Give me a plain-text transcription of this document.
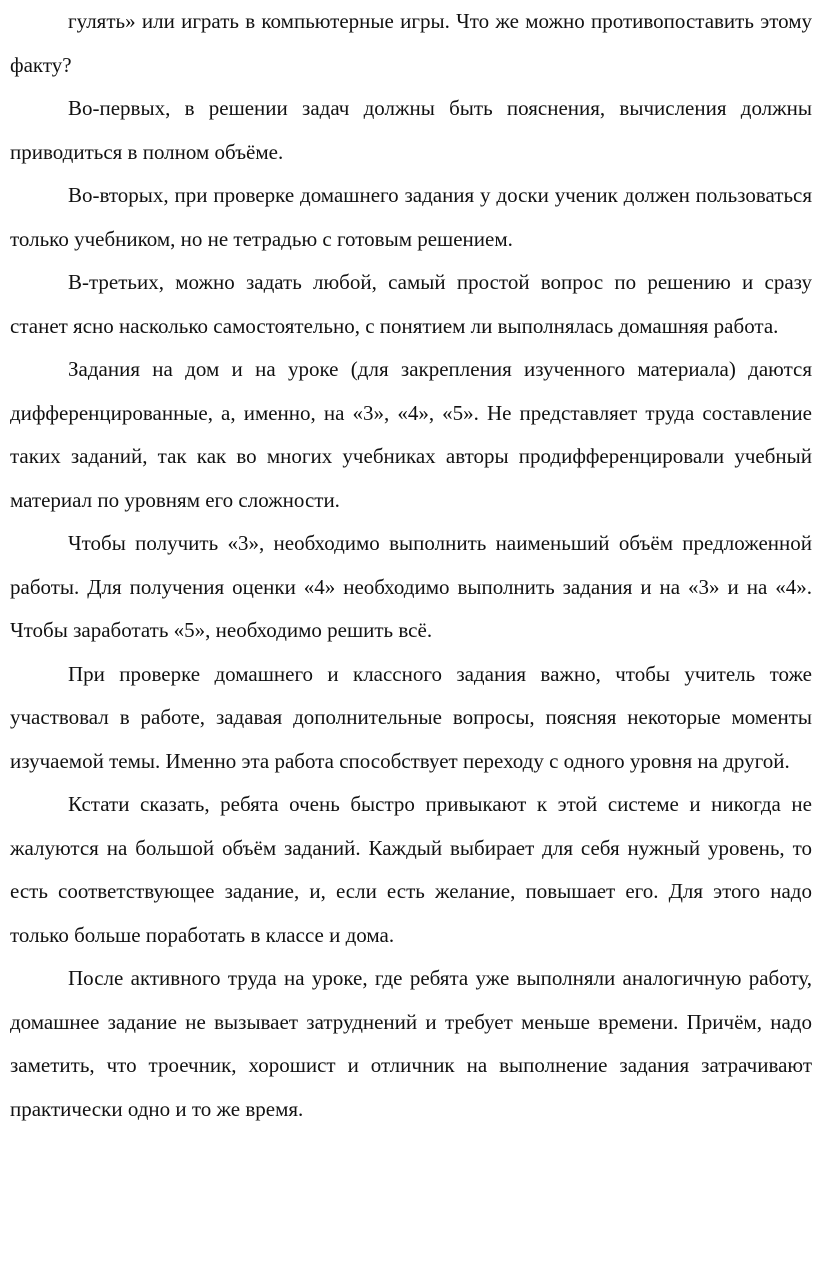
гулять» или играть в компьютерные игры. Что же можно противопоставить этому факту?

Во-первых, в решении задач должны быть пояснения, вычисления должны приводиться в полном объёме.

Во-вторых, при проверке домашнего задания у доски ученик должен пользоваться только учебником, но не тетрадью с готовым решением.

В-третьих, можно задать любой, самый простой вопрос по решению и сразу станет ясно насколько самостоятельно, с понятием ли выполнялась домашняя работа.

Задания на дом и на уроке (для закрепления изученного материала) даются дифференцированные, а, именно, на «3», «4», «5». Не представляет труда составление таких заданий, так как во многих учебниках авторы продифференцировали учебный материал по уровням его сложности.

Чтобы получить «3», необходимо выполнить наименьший объём предложенной работы. Для получения оценки «4» необходимо выполнить задания и на «3» и на «4». Чтобы заработать «5», необходимо решить всё.

При проверке домашнего и классного задания важно, чтобы учитель тоже участвовал в работе, задавая дополнительные вопросы, поясняя некоторые моменты изучаемой темы. Именно эта работа способствует переходу с одного уровня на другой.

Кстати сказать, ребята очень быстро привыкают к этой системе и никогда не жалуются на большой объём заданий. Каждый выбирает для себя нужный уровень, то есть соответствующее задание, и, если есть желание, повышает его. Для этого надо только больше поработать в классе и дома.

После активного труда на уроке, где ребята уже выполняли аналогичную работу, домашнее задание не вызывает затруднений и требует меньше времени. Причём, надо заметить, что троечник, хорошист и отличник на выполнение задания затрачивают практически одно и то же время.
